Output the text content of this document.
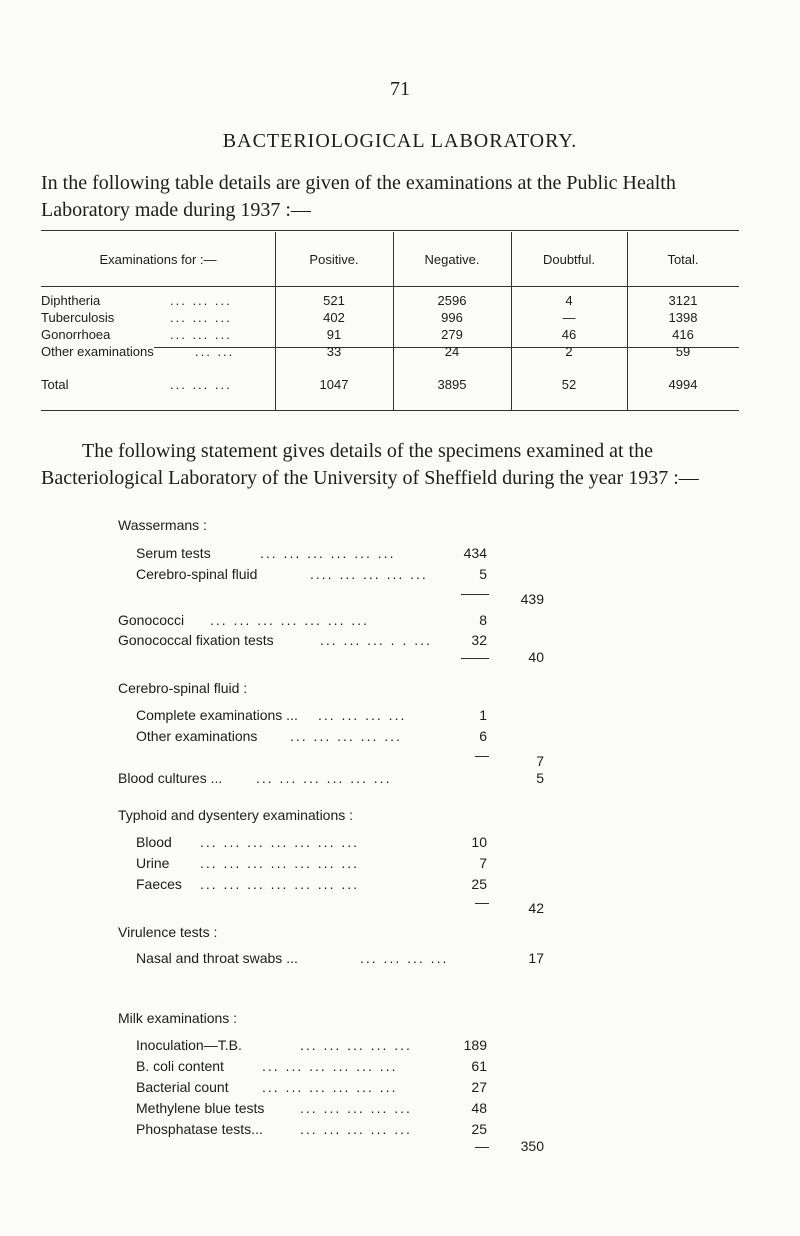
71
BACTERIOLOGICAL LABORATORY.
In the following table details are given of the examinations at the Public Health
Laboratory made during 1937 :—
Examinations for :—	Positive.	Negative.	Doubtful.	Total.
Diphtheria	... ... ...	521	2596	4	3121
Tuberculosis	... ... ...	402	996	—	1398
Gonorrhoea	... ... ...	91	279	46	416
Other examinations	... ...	33	24	2	59
Total	... ... ...	1047	3895	52	4994
The following statement gives details of the specimens examined at the
Bacteriological Laboratory of the University of Sheffield during the year 1937 :—
Wassermans :
Serum tests	... ... ... ... ... ...	434
Cerebro-spinal fluid	.... ... ... ... ...	5
——	439
Gonococci ... ... ... ... ... ... ...	8
Gonococcal fixation tests	... ... ... . . ...	32
——	40
Cerebro-spinal fluid :
Complete examinations ... ... ... ... ...	1
Other examinations ... ... ... ... ...	6
—	7
Blood cultures ... ... ... ... ... ... ...	5
Typhoid and dysentery examinations :
Blood ... ... ... ... ... ... ...	10
Urine ... ... ... ... ... ... ...	7
Faeces ... ... ... ... ... ... ...	25
—	42
Virulence tests :
Nasal and throat swabs ...	... ... ... ...	17
Milk examinations :
Inoculation—T.B.	... ... ... ... ...	189
B. coli content	... ... ... ... ... ...	61
Bacterial count ... ... ... ... ... ...	27
Methylene blue tests	... ... ... ... ...	48
Phosphatase tests...	... ... ... ... ...	25
—	350
